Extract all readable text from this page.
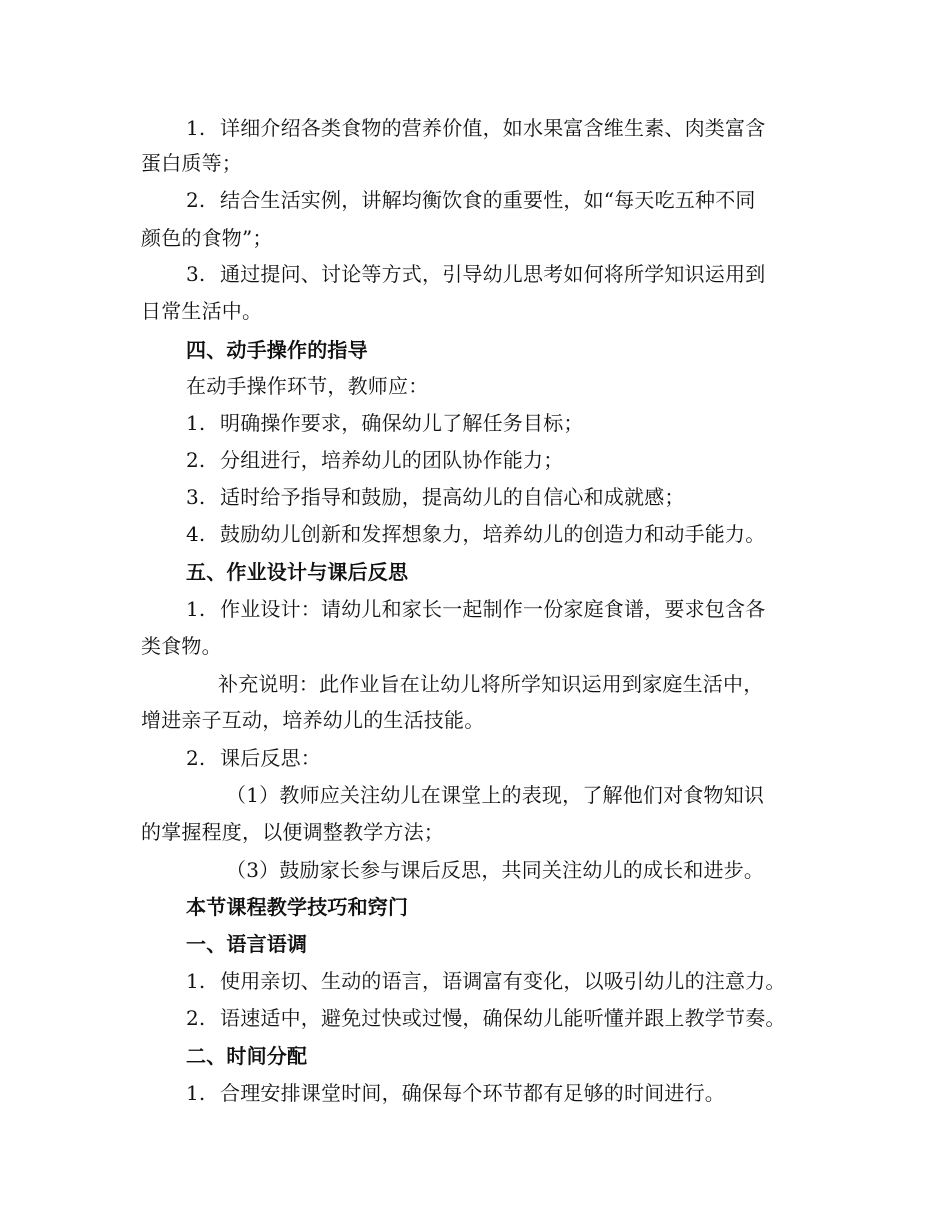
1. 详细介绍各类食物的营养价值，如水果富含维生素、肉类富含
蛋白质等；
2. 结合生活实例，讲解均衡饮食的重要性，如“每天吃五种不同
颜色的食物”；
3. 通过提问、讨论等方式，引导幼儿思考如何将所学知识运用到
日常生活中。
四、动手操作的指导
在动手操作环节，教师应：
1. 明确操作要求，确保幼儿了解任务目标；
2. 分组进行，培养幼儿的团队协作能力；
3. 适时给予指导和鼓励，提高幼儿的自信心和成就感；
4. 鼓励幼儿创新和发挥想象力，培养幼儿的创造力和动手能力。
五、作业设计与课后反思
1. 作业设计：请幼儿和家长一起制作一份家庭食谱，要求包含各
类食物。
补充说明：此作业旨在让幼儿将所学知识运用到家庭生活中，
增进亲子互动，培养幼儿的生活技能。
2. 课后反思：
（1）教师应关注幼儿在课堂上的表现，了解他们对食物知识
的掌握程度，以便调整教学方法；
（3）鼓励家长参与课后反思，共同关注幼儿的成长和进步。
本节课程教学技巧和窍门
一、语言语调
1. 使用亲切、生动的语言，语调富有变化，以吸引幼儿的注意力。
2. 语速适中，避免过快或过慢，确保幼儿能听懂并跟上教学节奏。
二、时间分配
1. 合理安排课堂时间，确保每个环节都有足够的时间进行。
